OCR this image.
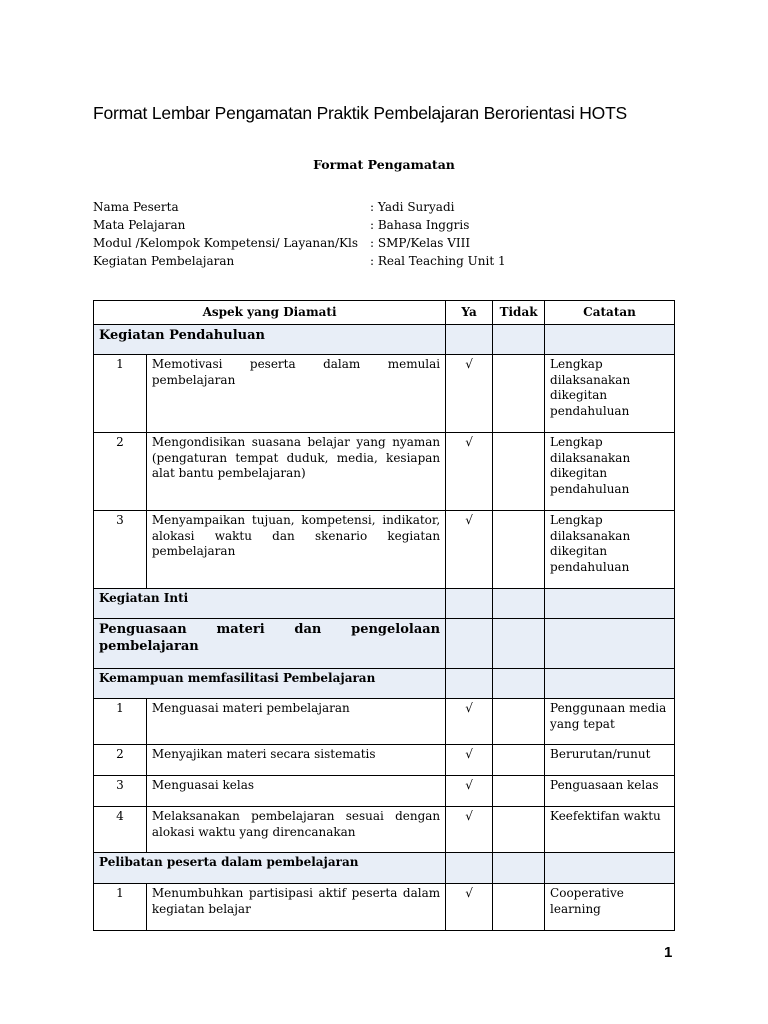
Format Lembar Pengamatan Praktik Pembelajaran Berorientasi HOTS
Format Pengamatan
Nama Peserta	: Yadi Suryadi
Mata Pelajaran	: Bahasa Inggris
Modul /Kelompok Kompetensi/ Layanan/Kls : SMP/Kelas VIII
Kegiatan Pembelajaran	: Real Teaching Unit 1
Aspek yang Diamati		Ya	Tidak	Catatan
Kegiatan Pendahuluan				
1	Memotivasi peserta dalam memulai pembelajaran	√		Lengkap dilaksanakan dikegitan pendahuluan
2	Mengondisikan suasana belajar yang nyaman (pengaturan tempat duduk, media, kesiapan alat bantu pembelajaran)	√		Lengkap dilaksanakan dikegitan pendahuluan
3	Menyampaikan tujuan, kompetensi, indikator, alokasi waktu dan skenario kegiatan pembelajaran	√		Lengkap dilaksanakan dikegitan pendahuluan
Kegiatan Inti				
Penguasaan materi dan pengelolaan pembelajaran				
Kemampuan memfasilitasi Pembelajaran				
1	Menguasai materi pembelajaran	√		Penggunaan media yang tepat
2	Menyajikan materi secara sistematis	√		Berurutan/runut
3	Menguasai kelas	√		Penguasaan kelas
4	Melaksanakan pembelajaran sesuai dengan alokasi waktu yang direncanakan	√		Keefektifan waktu
Pelibatan peserta dalam pembelajaran				
1	Menumbuhkan partisipasi aktif peserta dalam kegiatan belajar	√		Cooperative learning
1
